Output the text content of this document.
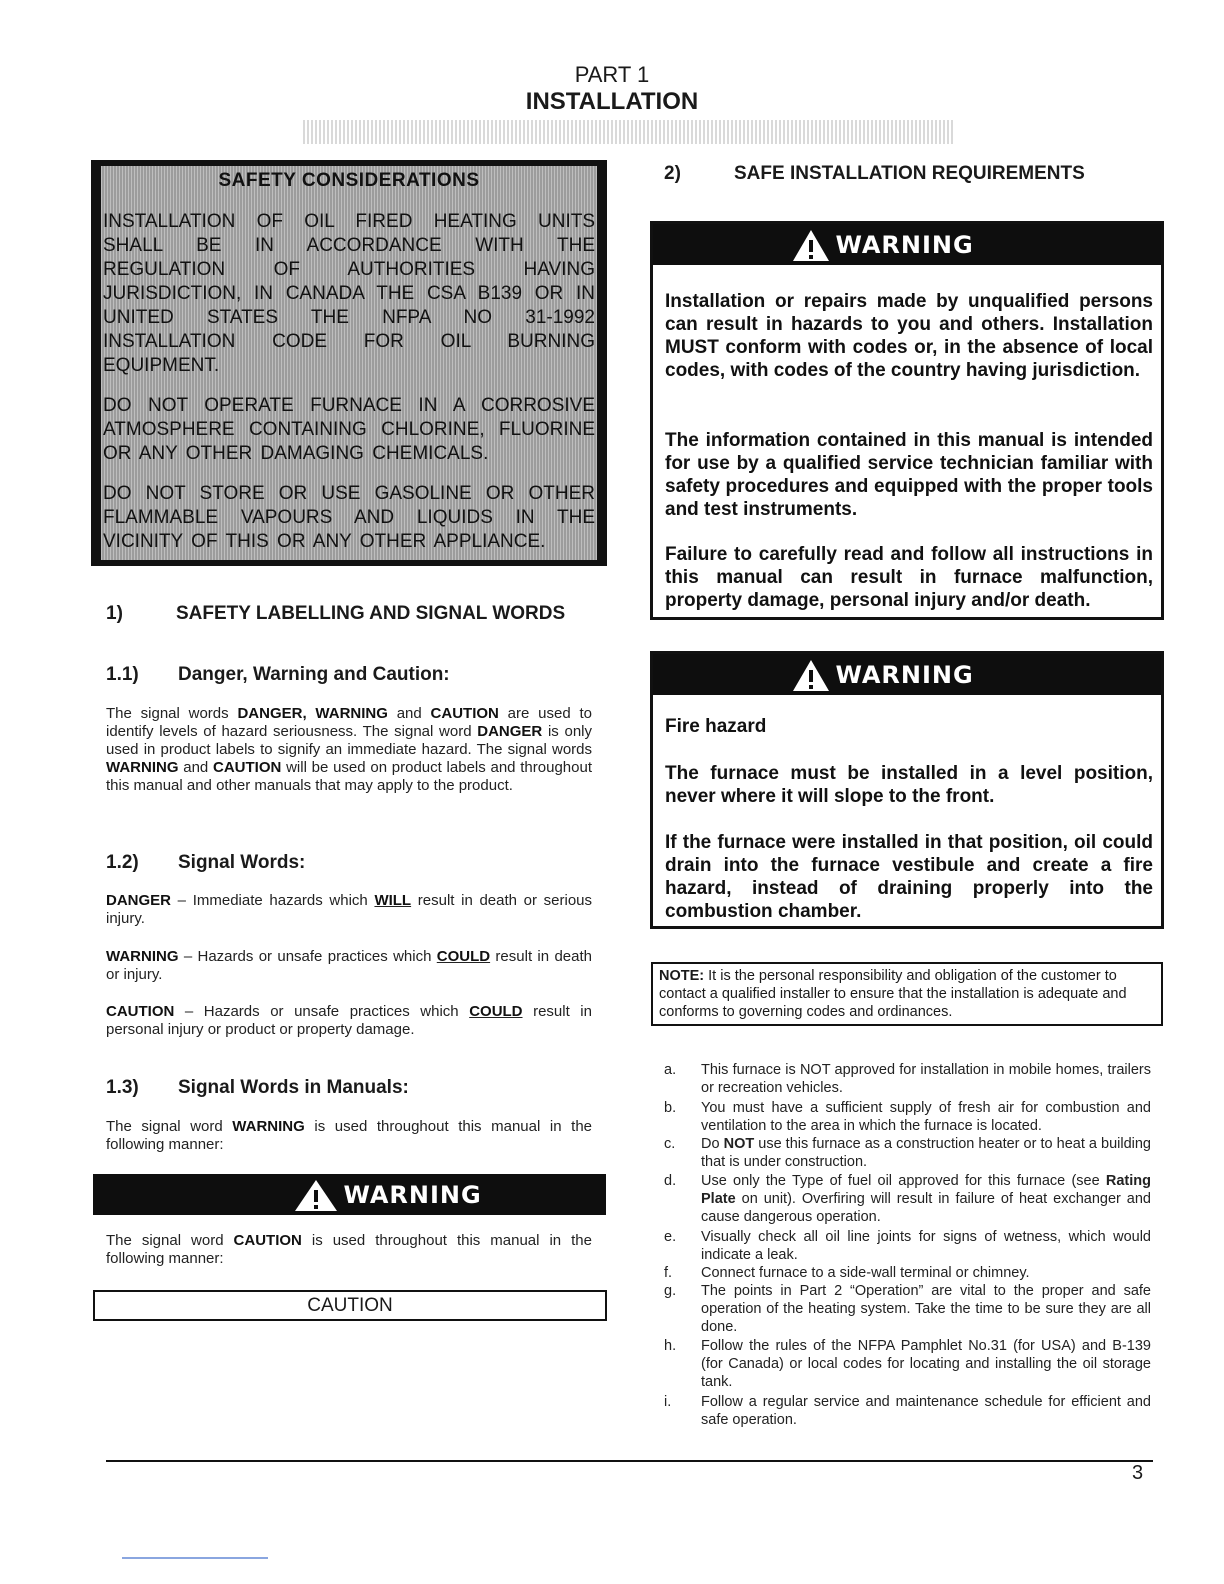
PART 1
INSTALLATION
SAFETY CONSIDERATIONS

INSTALLATION OF OIL FIRED HEATING UNITS SHALL BE IN ACCORDANCE WITH THE REGULATION OF AUTHORITIES HAVING JURISDICTION, IN CANADA THE CSA B139 OR IN UNITED STATES THE NFPA NO 31-1992 INSTALLATION CODE FOR OIL BURNING EQUIPMENT.

DO NOT OPERATE FURNACE IN A CORROSIVE ATMOSPHERE CONTAINING CHLORINE, FLUORINE OR ANY OTHER DAMAGING CHEMICALS.

DO NOT STORE OR USE GASOLINE OR OTHER FLAMMABLE VAPOURS AND LIQUIDS IN THE VICINITY OF THIS OR ANY OTHER APPLIANCE.

1)	SAFETY LABELLING AND SIGNAL WORDS
1.1) Danger, Warning and Caution:
The signal words DANGER, WARNING and CAUTION are used to identify levels of hazard seriousness. The signal word DANGER is only used in product labels to signify an immediate hazard. The signal words WARNING and CAUTION will be used on product labels and throughout this manual and other manuals that may apply to the product.
1.2) Signal Words:
DANGER – Immediate hazards which WILL result in death or serious injury.
WARNING – Hazards or unsafe practices which COULD result in death or injury.
CAUTION – Hazards or unsafe practices which COULD result in personal injury or product or property damage.
1.3) Signal Words in Manuals:
The signal word WARNING is used throughout this manual in the following manner:
WARNING
The signal word CAUTION is used throughout this manual in the following manner:
CAUTION
2)	SAFE INSTALLATION REQUIREMENTS
WARNING
Installation or repairs made by unqualified persons can result in hazards to you and others. Installation MUST conform with codes or, in the absence of local codes, with codes of the country having jurisdiction.
The information contained in this manual is intended for use by a qualified service technician familiar with safety procedures and equipped with the proper tools and test instruments.
Failure to carefully read and follow all instructions in this manual can result in furnace malfunction, property damage, personal injury and/or death.
WARNING
Fire hazard
The furnace must be installed in a level position, never where it will slope to the front.
If the furnace were installed in that position, oil could drain into the furnace vestibule and create a fire hazard, instead of draining properly into the combustion chamber.
NOTE: It is the personal responsibility and obligation of the customer to contact a qualified installer to ensure that the installation is adequate and conforms to governing codes and ordinances.
a. This furnace is NOT approved for installation in mobile homes, trailers or recreation vehicles.
b. You must have a sufficient supply of fresh air for combustion and ventilation to the area in which the furnace is located.
c. Do NOT use this furnace as a construction heater or to heat a building that is under construction.
d. Use only the Type of fuel oil approved for this furnace (see Rating Plate on unit). Overfiring will result in failure of heat exchanger and cause dangerous operation.
e. Visually check all oil line joints for signs of wetness, which would indicate a leak.
f. Connect furnace to a side-wall terminal or chimney.
g. The points in Part 2 “Operation” are vital to the proper and safe operation of the heating system. Take the time to be sure they are all done.
h. Follow the rules of the NFPA Pamphlet No.31 (for USA) and B-139 (for Canada) or local codes for locating and installing the oil storage tank.
i. Follow a regular service and maintenance schedule for efficient and safe operation.
3
